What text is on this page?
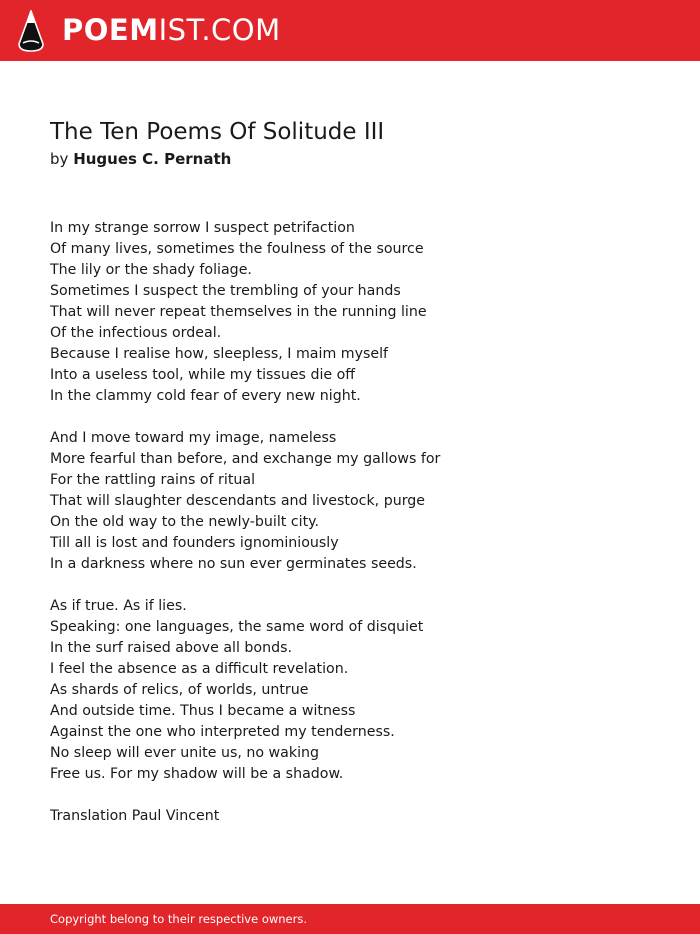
POEMIST.COM
The Ten Poems Of Solitude III
by Hugues C. Pernath
In my strange sorrow I suspect petrifaction
Of many lives, sometimes the foulness of the source
The lily or the shady foliage.
Sometimes I suspect the trembling of your hands
That will never repeat themselves in the running line
Of the infectious ordeal.
Because I realise how, sleepless, I maim myself
Into a useless tool, while my tissues die off
In the clammy cold fear of every new night.
And I move toward my image, nameless
More fearful than before, and exchange my gallows for
For the rattling rains of ritual
That will slaughter descendants and livestock, purge
On the old way to the newly-built city.
Till all is lost and founders ignominiously
In a darkness where no sun ever germinates seeds.
As if true. As if lies.
Speaking: one languages, the same word of disquiet
In the surf raised above all bonds.
I feel the absence as a difficult revelation.
As shards of relics, of worlds, untrue
And outside time. Thus I became a witness
Against the one who interpreted my tenderness.
No sleep will ever unite us, no waking
Free us. For my shadow will be a shadow.
Translation Paul Vincent
Copyright belong to their respective owners.
